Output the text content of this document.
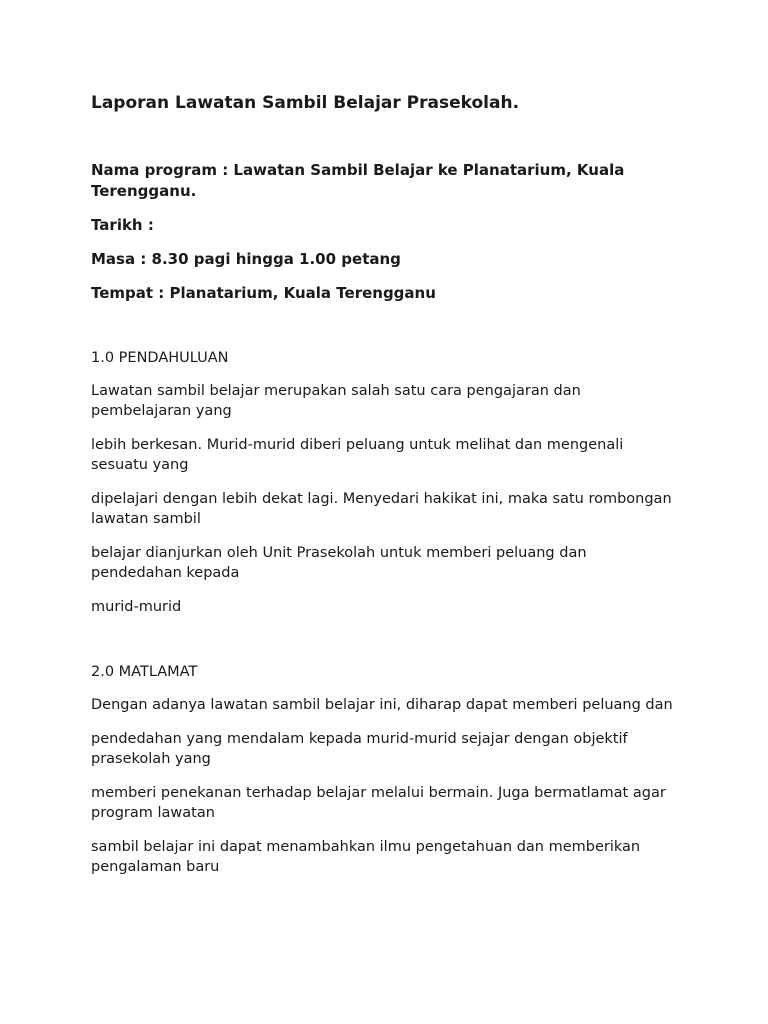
Laporan Lawatan Sambil Belajar Prasekolah.

Nama program : Lawatan Sambil Belajar ke Planatarium, Kuala Terengganu.

Tarikh :

Masa : 8.30 pagi hingga 1.00 petang

Tempat : Planatarium, Kuala Terengganu

1.0 PENDAHULUAN

Lawatan sambil belajar merupakan salah satu cara pengajaran dan pembelajaran yang

lebih berkesan. Murid-murid diberi peluang untuk melihat dan mengenali sesuatu yang

dipelajari dengan lebih dekat lagi. Menyedari hakikat ini, maka satu rombongan lawatan sambil

belajar dianjurkan oleh Unit Prasekolah untuk memberi peluang dan pendedahan kepada

murid-murid

2.0 MATLAMAT

Dengan adanya lawatan sambil belajar ini, diharap dapat memberi peluang dan

pendedahan yang mendalam kepada murid-murid sejajar dengan objektif prasekolah yang

memberi penekanan terhadap belajar melalui bermain. Juga bermatlamat agar program lawatan

sambil belajar ini dapat menambahkan ilmu pengetahuan dan memberikan pengalaman baru
